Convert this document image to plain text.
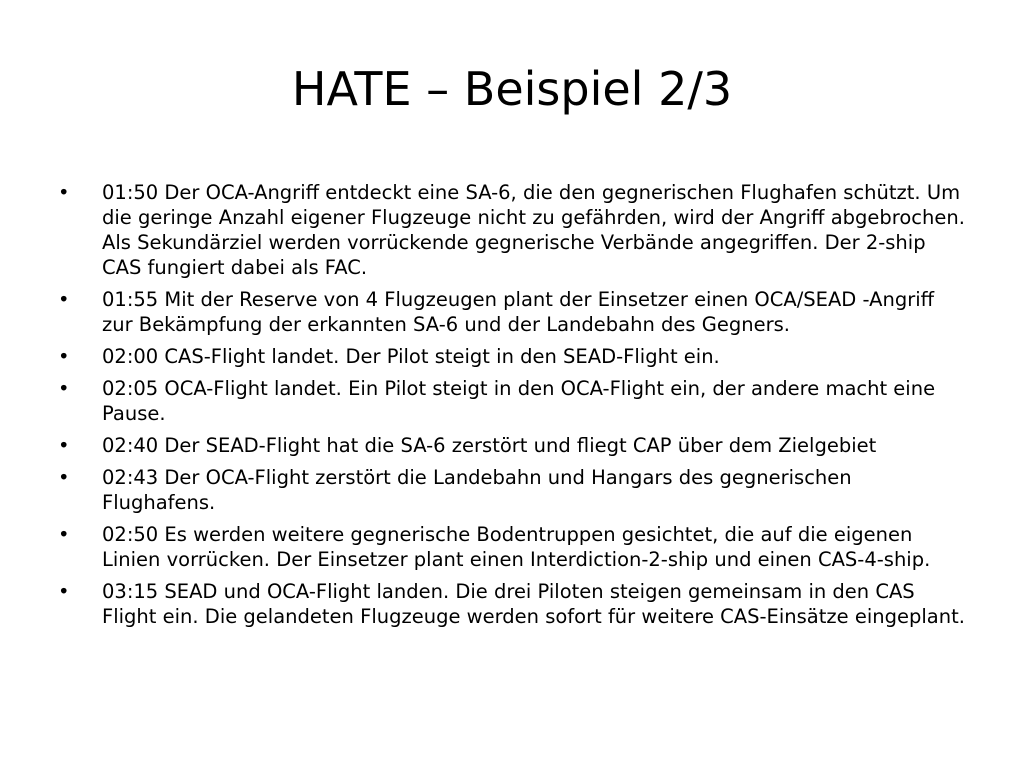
HATE – Beispiel 2/3
•	01:50 Der OCA-Angriff entdeckt eine SA-6, die den gegnerischen Flughafen schützt. Um die geringe Anzahl eigener Flugzeuge nicht zu gefährden, wird der Angriff abgebrochen. Als Sekundärziel werden vorrückende gegnerische Verbände angegriffen. Der 2-ship CAS fungiert dabei als FAC.
•	01:55 Mit der Reserve von 4 Flugzeugen plant der Einsetzer einen OCA/SEAD -Angriff zur Bekämpfung der erkannten SA-6 und der Landebahn des Gegners.
•	02:00 CAS-Flight landet. Der Pilot steigt in den SEAD-Flight ein.
•	02:05 OCA-Flight landet. Ein Pilot steigt in den OCA-Flight ein, der andere macht eine Pause.
•	02:40 Der SEAD-Flight hat die SA-6 zerstört und fliegt CAP über dem Zielgebiet
•	02:43 Der OCA-Flight zerstört die Landebahn und Hangars des gegnerischen Flughafens.
•	02:50 Es werden weitere gegnerische Bodentruppen gesichtet, die auf die eigenen Linien vorrücken. Der Einsetzer plant einen Interdiction-2-ship und einen CAS-4-ship.
•	03:15 SEAD und OCA-Flight landen. Die drei Piloten steigen gemeinsam in den CAS Flight ein. Die gelandeten Flugzeuge werden sofort für weitere CAS-Einsätze eingeplant.
